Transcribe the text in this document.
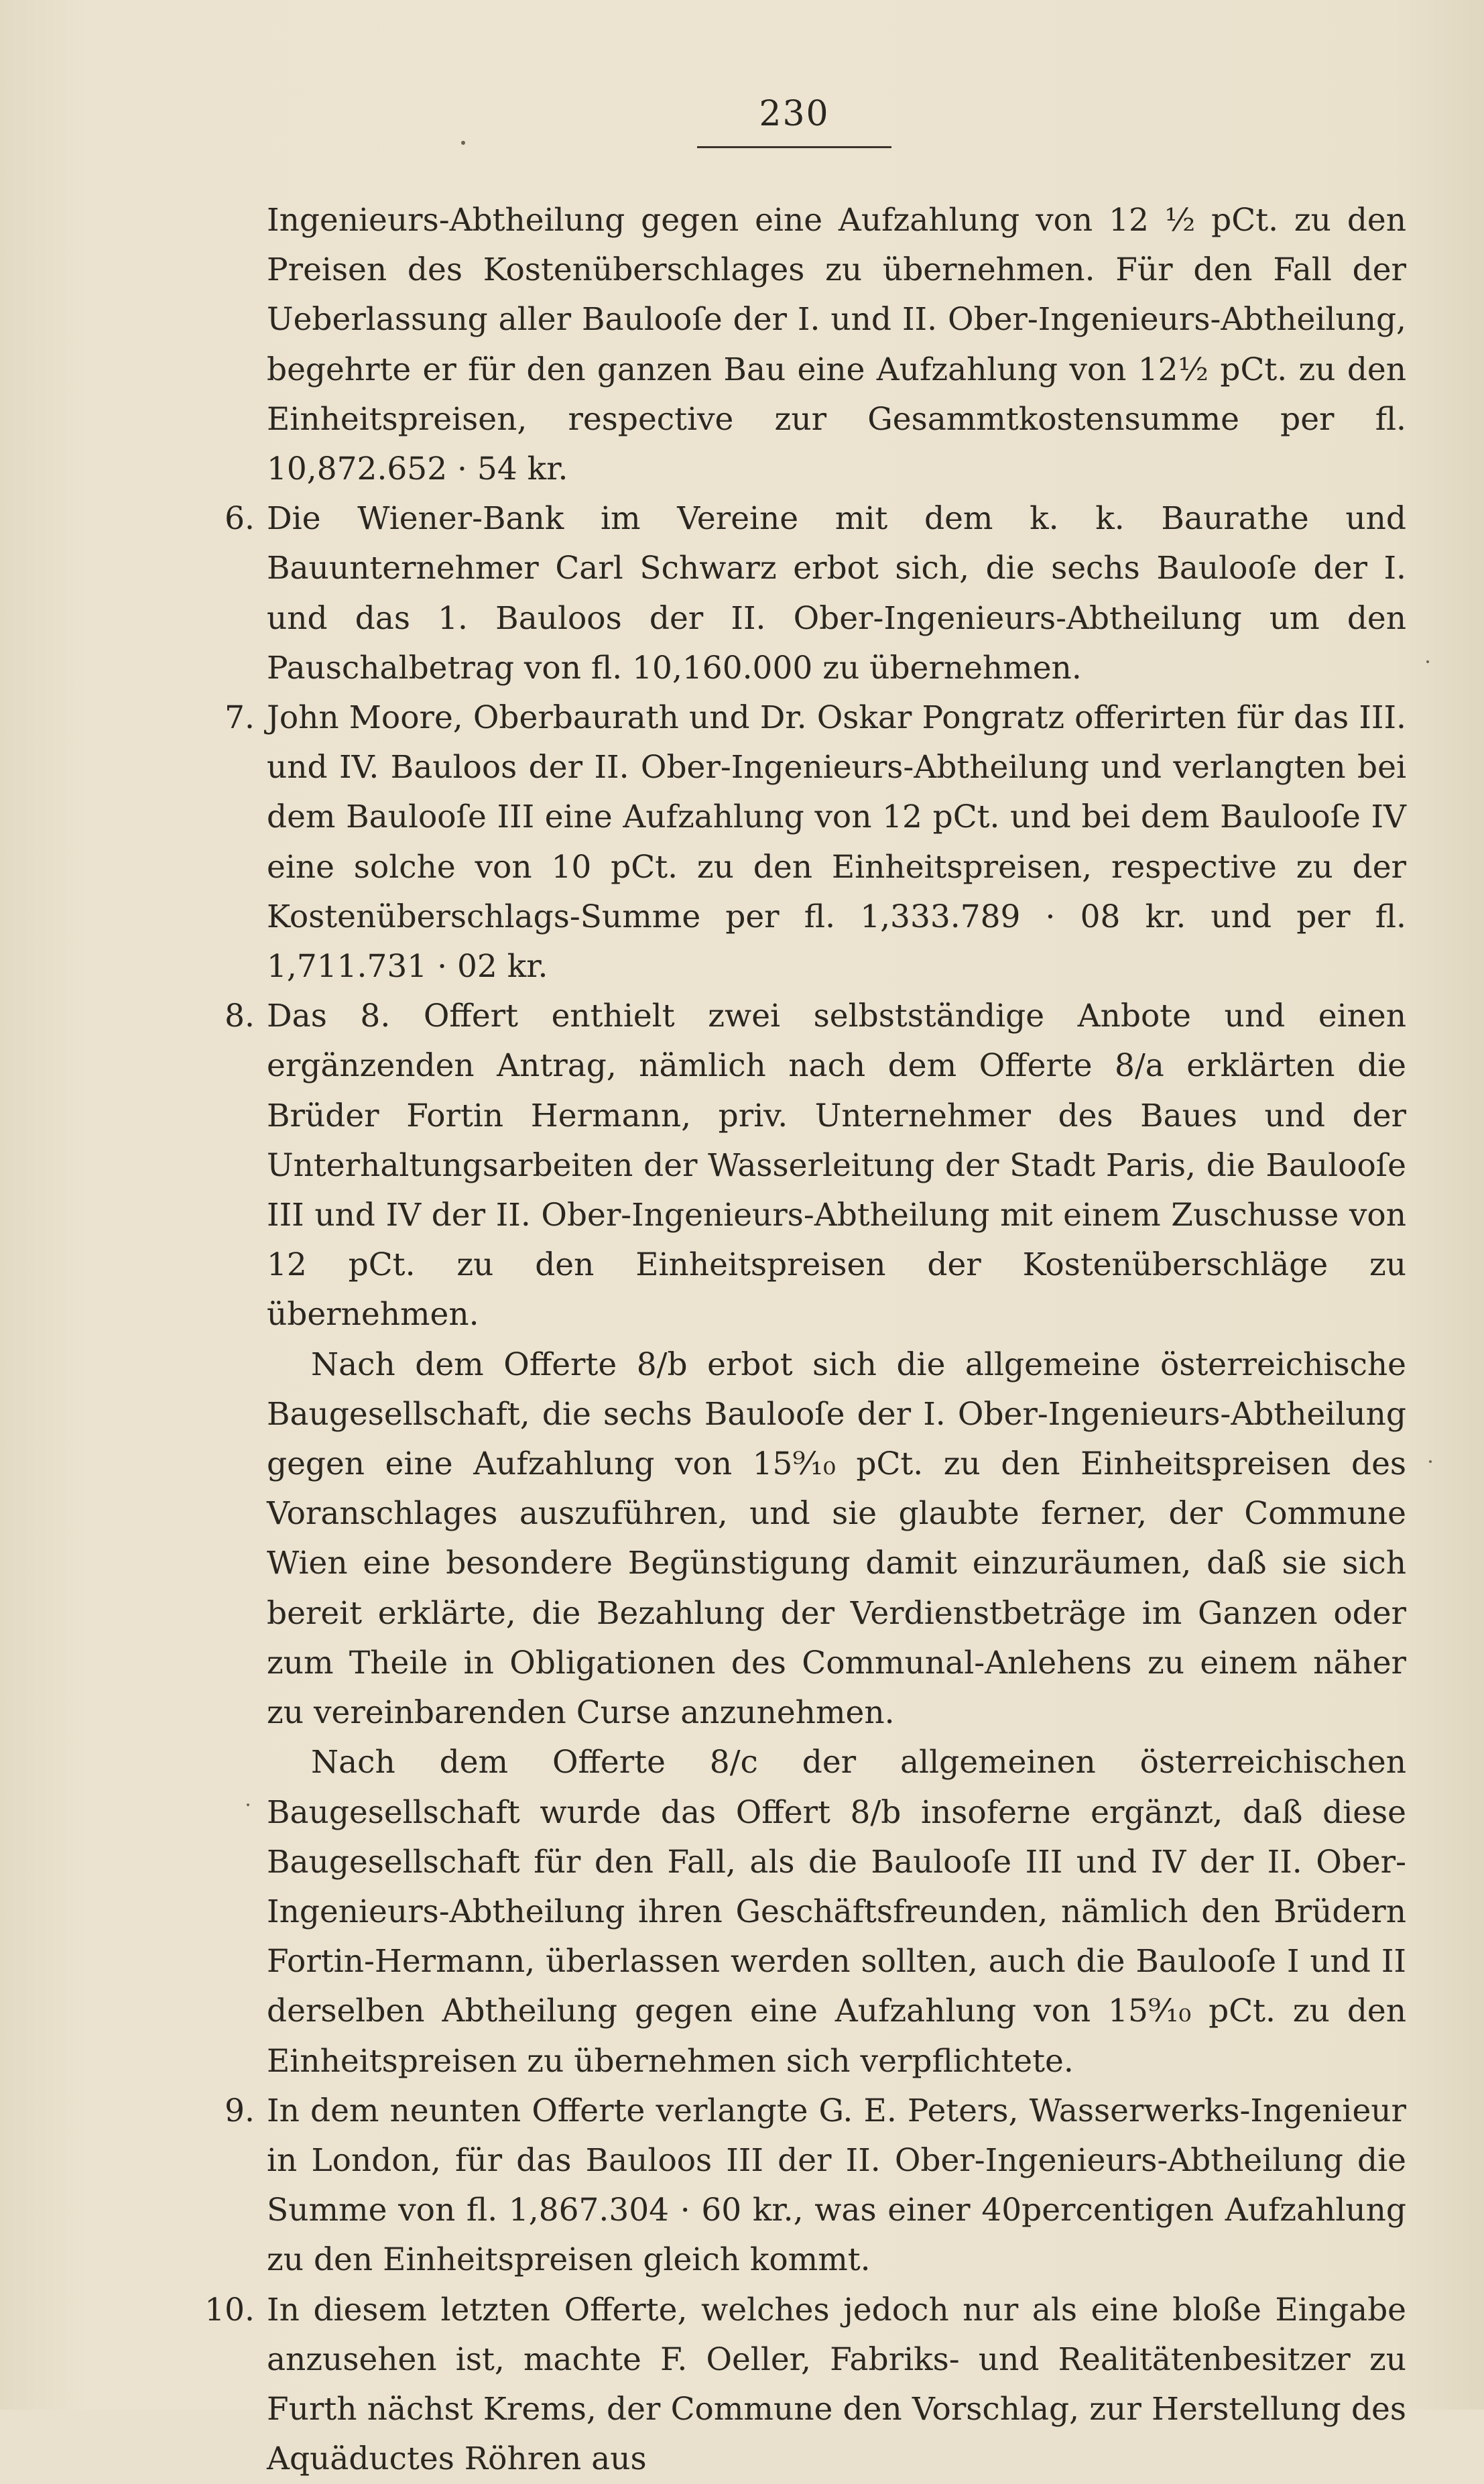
230

Ingenieurs-Abtheilung gegen eine Aufzahlung von 12 ½ pCt. zu den Preisen des Kostenüberschlages zu übernehmen. Für den Fall der Ueberlassung aller Baulooſe der I. und II. Ober-Ingenieurs-Abtheilung, begehrte er für den ganzen Bau eine Aufzahlung von 12½ pCt. zu den Einheitspreisen, respective zur Gesammtkostensumme per fl. 10,872.652 · 54 kr.

6. Die Wiener-Bank im Vereine mit dem k. k. Baurathe und Bauunternehmer Carl Schwarz erbot sich, die sechs Baulooſe der I. und das 1. Bauloos der II. Ober-Ingenieurs-Abtheilung um den Pauschalbetrag von fl. 10,160.000 zu übernehmen.

7. John Moore, Oberbaurath und Dr. Oskar Pongratz offerirten für das III. und IV. Bauloos der II. Ober-Ingenieurs-Abtheilung und verlangten bei dem Baulooſe III eine Aufzahlung von 12 pCt. und bei dem Baulooſe IV eine solche von 10 pCt. zu den Einheitspreisen, respective zu der Kostenüberschlags-Summe per fl. 1,333.789 · 08 kr. und per fl. 1,711.731 · 02 kr.

8. Das 8. Offert enthielt zwei selbstständige Anbote und einen ergänzenden Antrag, nämlich nach dem Offerte 8/a erklärten die Brüder Fortin Hermann, priv. Unternehmer des Baues und der Unterhaltungsarbeiten der Wasserleitung der Stadt Paris, die Baulooſe III und IV der II. Ober-Ingenieurs-Abtheilung mit einem Zuschusse von 12 pCt. zu den Einheitspreisen der Kostenüberschläge zu übernehmen.

Nach dem Offerte 8/b erbot sich die allgemeine österreichische Baugesellschaft, die sechs Baulooſe der I. Ober-Ingenieurs-Abtheilung gegen eine Aufzahlung von 15⁹⁄₁₀ pCt. zu den Einheitspreisen des Voranschlages auszuführen, und sie glaubte ferner, der Commune Wien eine besondere Begünstigung damit einzuräumen, daß sie sich bereit erklärte, die Bezahlung der Verdienstbeträge im Ganzen oder zum Theile in Obligationen des Communal-Anlehens zu einem näher zu vereinbarenden Curse anzunehmen.

Nach dem Offerte 8/c der allgemeinen österreichischen Baugesellschaft wurde das Offert 8/b insoferne ergänzt, daß diese Baugesellschaft für den Fall, als die Baulooſe III und IV der II. Ober-Ingenieurs-Abtheilung ihren Geschäftsfreunden, nämlich den Brüdern Fortin-Hermann, überlassen werden sollten, auch die Baulooſe I und II derselben Abtheilung gegen eine Aufzahlung von 15⁹⁄₁₀ pCt. zu den Einheitspreisen zu übernehmen sich verpflichtete.

9. In dem neunten Offerte verlangte G. E. Peters, Wasserwerks-Ingenieur in London, für das Bauloos III der II. Ober-Ingenieurs-Abtheilung die Summe von fl. 1,867.304 · 60 kr., was einer 40percentigen Aufzahlung zu den Einheitspreisen gleich kommt.

10. In diesem letzten Offerte, welches jedoch nur als eine bloße Eingabe anzusehen ist, machte F. Oeller, Fabriks- und Realitätenbesitzer zu Furth nächst Krems, der Commune den Vorschlag, zur Herstellung des Aquäductes Röhren aus
